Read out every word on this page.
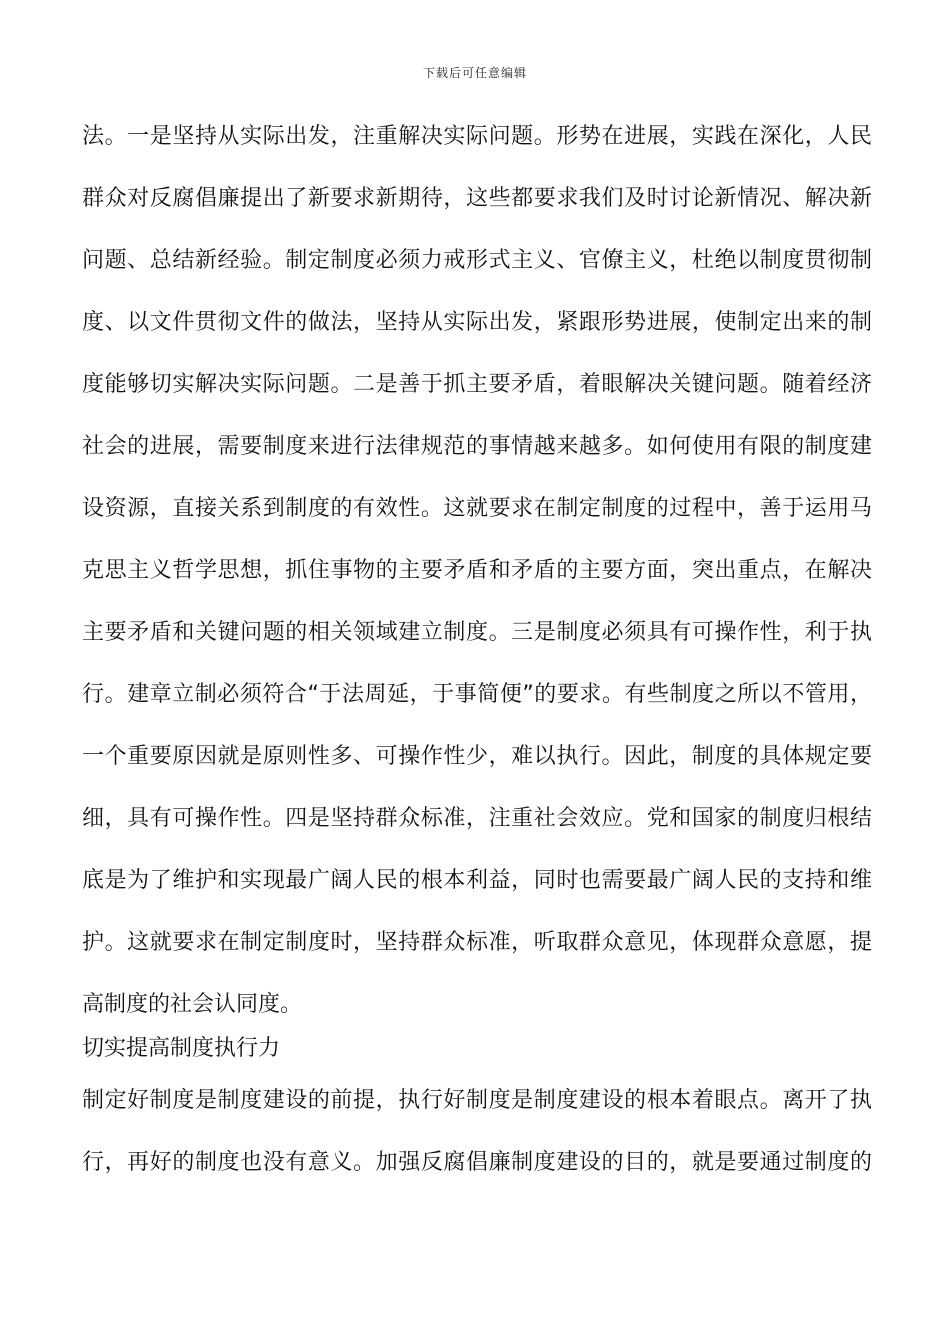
下载后可任意编辑
法。一是坚持从实际出发，注重解决实际问题。形势在进展，实践在深化，人民
群众对反腐倡廉提出了新要求新期待，这些都要求我们及时讨论新情况、解决新
问题、总结新经验。制定制度必须力戒形式主义、官僚主义，杜绝以制度贯彻制
度、以文件贯彻文件的做法，坚持从实际出发，紧跟形势进展，使制定出来的制
度能够切实解决实际问题。二是善于抓主要矛盾，着眼解决关键问题。随着经济
社会的进展，需要制度来进行法律规范的事情越来越多。如何使用有限的制度建
设资源，直接关系到制度的有效性。这就要求在制定制度的过程中，善于运用马
克思主义哲学思想，抓住事物的主要矛盾和矛盾的主要方面，突出重点，在解决
主要矛盾和关键问题的相关领域建立制度。三是制度必须具有可操作性，利于执
行。建章立制必须符合“于法周延，于事简便”的要求。有些制度之所以不管用，
一个重要原因就是原则性多、可操作性少，难以执行。因此，制度的具体规定要
细，具有可操作性。四是坚持群众标准，注重社会效应。党和国家的制度归根结
底是为了维护和实现最广阔人民的根本利益，同时也需要最广阔人民的支持和维
护。这就要求在制定制度时，坚持群众标准，听取群众意见，体现群众意愿，提
高制度的社会认同度。
切实提高制度执行力
制定好制度是制度建设的前提，执行好制度是制度建设的根本着眼点。离开了执
行，再好的制度也没有意义。加强反腐倡廉制度建设的目的，就是要通过制度的
